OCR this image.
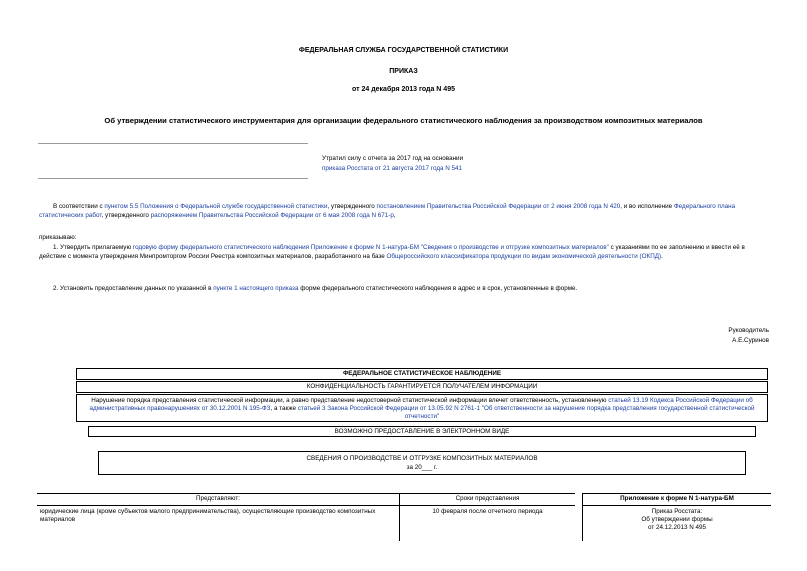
ФЕДЕРАЛЬНАЯ СЛУЖБА ГОСУДАРСТВЕННОЙ СТАТИСТИКИ
ПРИКАЗ
от 24 декабря 2013 года N 495
Об утверждении статистического инструментария для организации федерального статистического наблюдения за производством композитных материалов
Утратил силу с отчета за 2017 год на основании
приказа Росстата от 21 августа 2017 года N 541
В соответствии с пунктом 5.5 Положения о Федеральной службе государственной статистики, утвержденного постановлением Правительства Российской Федерации от 2 июня 2008 года N 420, и во исполнение Федерального плана статистических работ, утвержденного распоряжением Правительства Российской Федерации от 6 мая 2008 года N 671-р,
приказываю:
1. Утвердить прилагаемую годовую форму федерального статистического наблюдения Приложение к форме N 1-натура-БМ "Сведения о производстве и отгрузке композитных материалов" с указаниями по ее заполнению и ввести её в действие с момента утверждения Минпромторгом России Реестра композитных материалов, разработанного на базе Общероссийского классификатора продукции по видам экономической деятельности (ОКПД).
2. Установить предоставление данных по указанной в пункте 1 настоящего приказа форме федерального статистического наблюдения в адрес и в срок, установленные в форме.
Руководитель
А.Е.Суринов
ФЕДЕРАЛЬНОЕ СТАТИСТИЧЕСКОЕ НАБЛЮДЕНИЕ
КОНФИДЕНЦИАЛЬНОСТЬ ГАРАНТИРУЕТСЯ ПОЛУЧАТЕЛЕМ ИНФОРМАЦИИ
Нарушение порядка представления статистической информации, а равно представление недостоверной статистической информации влечет ответственность, установленную статьей 13.19 Кодекса Российской Федерации об административных правонарушениях от 30.12.2001 N 195-ФЗ, а также статьей 3 Закона Российской Федерации от 13.05.92 N 2761-1 "Об ответственности за нарушение порядка представления государственной статистической отчетности"
ВОЗМОЖНО ПРЕДОСТАВЛЕНИЕ В ЭЛЕКТРОННОМ ВИДЕ
СВЕДЕНИЯ О ПРОИЗВОДСТВЕ И ОТГРУЗКЕ КОМПОЗИТНЫХ МАТЕРИАЛОВ
за 20___ г.
Представляют:
юридические лица (кроме субъектов малого предпринимательства), осуществляющие производство композитных материалов
Сроки представления
10 февраля после отчетного периода
Приложение к форме N 1-натура-БМ
Приказ Росстата:
Об утверждении формы
от 24.12.2013 N 495
